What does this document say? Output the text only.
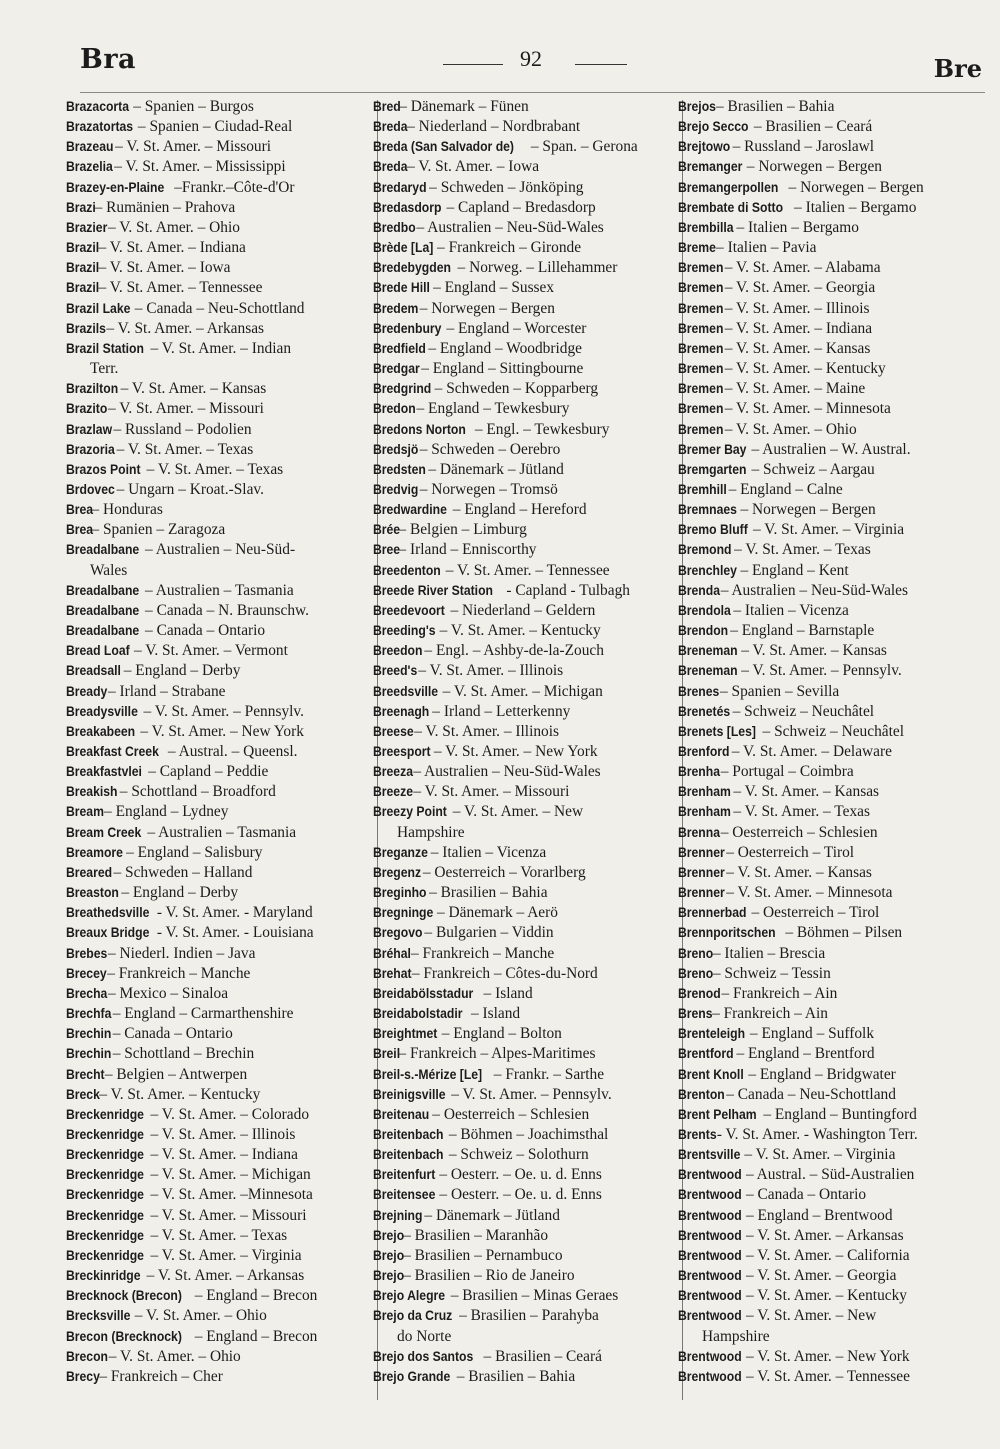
Bra	92	Bre
Brazacorta – Spanien – Burgos
Brazatortas – Spanien – Ciudad-Real
Brazeau – V. St. Amer. – Missouri
Brazelia – V. St. Amer. – Mississippi
Brazey-en-Plaine –Frankr.–Côte-d'Or
Brazi – Rumänien – Prahova
Brazier – V. St. Amer. – Ohio
Brazil – V. St. Amer. – Indiana
Brazil – V. St. Amer. – Iowa
Brazil – V. St. Amer. – Tennessee
Brazil Lake – Canada – Neu-Schottland
Brazils – V. St. Amer. – Arkansas
Brazil Station – V. St. Amer. – Indian
Terr.
Brazilton – V. St. Amer. – Kansas
Brazito – V. St. Amer. – Missouri
Brazlaw – Russland – Podolien
Brazoria – V. St. Amer. – Texas
Brazos Point – V. St. Amer. – Texas
Brdovec – Ungarn – Kroat.-Slav.
Brea – Honduras
Brea – Spanien – Zaragoza
Breadalbane – Australien – Neu-Süd-
Wales
Breadalbane – Australien – Tasmania
Breadalbane – Canada – N. Braunschw.
Breadalbane – Canada – Ontario
Bread Loaf – V. St. Amer. – Vermont
Breadsall – England – Derby
Bready – Irland – Strabane
Breadysville – V. St. Amer. – Pennsylv.
Breakabeen – V. St. Amer. – New York
Breakfast Creek – Austral. – Queensl.
Breakfastvlei – Capland – Peddie
Breakish – Schottland – Broadford
Bream – England – Lydney
Bream Creek – Australien – Tasmania
Breamore – England – Salisbury
Breared – Schweden – Halland
Breaston – England – Derby
Breathedsville - V. St. Amer. - Maryland
Breaux Bridge - V. St. Amer. - Louisiana
Brebes – Niederl. Indien – Java
Brecey – Frankreich – Manche
Brecha – Mexico – Sinaloa
Brechfa – England – Carmarthenshire
Brechin – Canada – Ontario
Brechin – Schottland – Brechin
Brecht – Belgien – Antwerpen
Breck – V. St. Amer. – Kentucky
Breckenridge – V. St. Amer. – Colorado
Breckenridge – V. St. Amer. – Illinois
Breckenridge – V. St. Amer. – Indiana
Breckenridge – V. St. Amer. – Michigan
Breckenridge – V. St. Amer. –Minnesota
Breckenridge – V. St. Amer. – Missouri
Breckenridge – V. St. Amer. – Texas
Breckenridge – V. St. Amer. – Virginia
Breckinridge – V. St. Amer. – Arkansas
Brecknock (Brecon) – England – Brecon
Brecksville – V. St. Amer. – Ohio
Brecon (Brecknock) – England – Brecon
Brecon – V. St. Amer. – Ohio
Brecy – Frankreich – Cher
Bred – Dänemark – Fünen
Breda – Niederland – Nordbrabant
Breda (San Salvador de) – Span. – Gerona
Breda – V. St. Amer. – Iowa
Bredaryd – Schweden – Jönköping
Bredasdorp – Capland – Bredasdorp
Bredbo – Australien – Neu-Süd-Wales
Brède [La] – Frankreich – Gironde
Bredebygden – Norweg. – Lillehammer
Brede Hill – England – Sussex
Bredem – Norwegen – Bergen
Bredenbury – England – Worcester
Bredfield – England – Woodbridge
Bredgar – England – Sittingbourne
Bredgrind – Schweden – Kopparberg
Bredon – England – Tewkesbury
Bredons Norton – Engl. – Tewkesbury
Bredsjö – Schweden – Oerebro
Bredsten – Dänemark – Jütland
Bredvig – Norwegen – Tromsö
Bredwardine – England – Hereford
Brée – Belgien – Limburg
Bree – Irland – Enniscorthy
Breedenton – V. St. Amer. – Tennessee
Breede River Station - Capland - Tulbagh
Breedevoort – Niederland – Geldern
Breeding's – V. St. Amer. – Kentucky
Breedon – Engl. – Ashby-de-la-Zouch
Breed's – V. St. Amer. – Illinois
Breedsville – V. St. Amer. – Michigan
Breenagh – Irland – Letterkenny
Breese – V. St. Amer. – Illinois
Breesport – V. St. Amer. – New York
Breeza – Australien – Neu-Süd-Wales
Breeze – V. St. Amer. – Missouri
Breezy Point – V. St. Amer. – New
Hampshire
Breganze – Italien – Vicenza
Bregenz – Oesterreich – Vorarlberg
Breginho – Brasilien – Bahia
Bregninge – Dänemark – Aerö
Bregovo – Bulgarien – Viddin
Bréhal – Frankreich – Manche
Brehat – Frankreich – Côtes-du-Nord
Breidabölsstadur – Island
Breidabolstadir – Island
Breightmet – England – Bolton
Breil – Frankreich – Alpes-Maritimes
Breil-s.-Mérize [Le] – Frankr. – Sarthe
Breinigsville – V. St. Amer. – Pennsylv.
Breitenau – Oesterreich – Schlesien
Breitenbach – Böhmen – Joachimsthal
Breitenbach – Schweiz – Solothurn
Breitenfurt – Oesterr. – Oe. u. d. Enns
Breitensee – Oesterr. – Oe. u. d. Enns
Brejning – Dänemark – Jütland
Brejo – Brasilien – Maranhão
Brejo – Brasilien – Pernambuco
Brejo – Brasilien – Rio de Janeiro
Brejo Alegre – Brasilien – Minas Geraes
Brejo da Cruz – Brasilien – Parahyba
do Norte
Brejo dos Santos – Brasilien – Ceará
Brejo Grande – Brasilien – Bahia
Brejos – Brasilien – Bahia
Brejo Secco – Brasilien – Ceará
Brejtowo – Russland – Jaroslawl
Bremanger – Norwegen – Bergen
Bremangerpollen – Norwegen – Bergen
Brembate di Sotto – Italien – Bergamo
Brembilla – Italien – Bergamo
Breme – Italien – Pavia
Bremen – V. St. Amer. – Alabama
Bremen – V. St. Amer. – Georgia
Bremen – V. St. Amer. – Illinois
Bremen – V. St. Amer. – Indiana
Bremen – V. St. Amer. – Kansas
Bremen – V. St. Amer. – Kentucky
Bremen – V. St. Amer. – Maine
Bremen – V. St. Amer. – Minnesota
Bremen – V. St. Amer. – Ohio
Bremer Bay – Australien – W. Austral.
Bremgarten – Schweiz – Aargau
Bremhill – England – Calne
Bremnaes – Norwegen – Bergen
Bremo Bluff – V. St. Amer. – Virginia
Bremond – V. St. Amer. – Texas
Brenchley – England – Kent
Brenda – Australien – Neu-Süd-Wales
Brendola – Italien – Vicenza
Brendon – England – Barnstaple
Breneman – V. St. Amer. – Kansas
Breneman – V. St. Amer. – Pennsylv.
Brenes – Spanien – Sevilla
Brenetés – Schweiz – Neuchâtel
Brenets [Les] – Schweiz – Neuchâtel
Brenford – V. St. Amer. – Delaware
Brenha – Portugal – Coimbra
Brenham – V. St. Amer. – Kansas
Brenham – V. St. Amer. – Texas
Brenna – Oesterreich – Schlesien
Brenner – Oesterreich – Tirol
Brenner – V. St. Amer. – Kansas
Brenner – V. St. Amer. – Minnesota
Brennerbad – Oesterreich – Tirol
Brennporitschen – Böhmen – Pilsen
Breno – Italien – Brescia
Breno – Schweiz – Tessin
Brenod – Frankreich – Ain
Brens – Frankreich – Ain
Brenteleigh – England – Suffolk
Brentford – England – Brentford
Brent Knoll – England – Bridgwater
Brenton – Canada – Neu-Schottland
Brent Pelham – England – Buntingford
Brents - V. St. Amer. - Washington Terr.
Brentsville – V. St. Amer. – Virginia
Brentwood – Austral. – Süd-Australien
Brentwood – Canada – Ontario
Brentwood – England – Brentwood
Brentwood – V. St. Amer. – Arkansas
Brentwood – V. St. Amer. – California
Brentwood – V. St. Amer. – Georgia
Brentwood – V. St. Amer. – Kentucky
Brentwood – V. St. Amer. – New
Hampshire
Brentwood – V. St. Amer. – New York
Brentwood – V. St. Amer. – Tennessee
